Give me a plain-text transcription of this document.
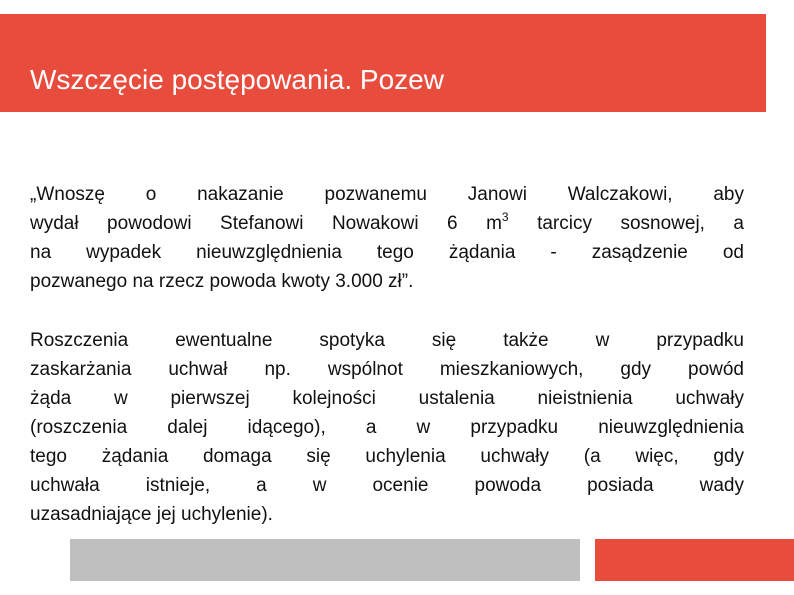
Wszczęcie postępowania. Pozew

„Wnoszę o nakazanie pozwanemu Janowi Walczakowi, aby
wydał powodowi Stefanowi Nowakowi 6 $m^3$ tarcicy sosnowej, a
na wypadek nieuwzględnienia tego żądania - zasądzenie od
pozwanego na rzecz powoda kwoty 3.000 zł”.

Roszczenia ewentualne spotyka się także w przypadku
zaskarżania uchwał np. wspólnot mieszkaniowych, gdy powód
żąda w pierwszej kolejności ustalenia nieistnienia uchwały
(roszczenia dalej idącego), a w przypadku nieuwzględnienia
tego żądania domaga się uchylenia uchwały (a więc, gdy
uchwała istnieje, a w ocenie powoda posiada wady
uzasadniające jej uchylenie).
